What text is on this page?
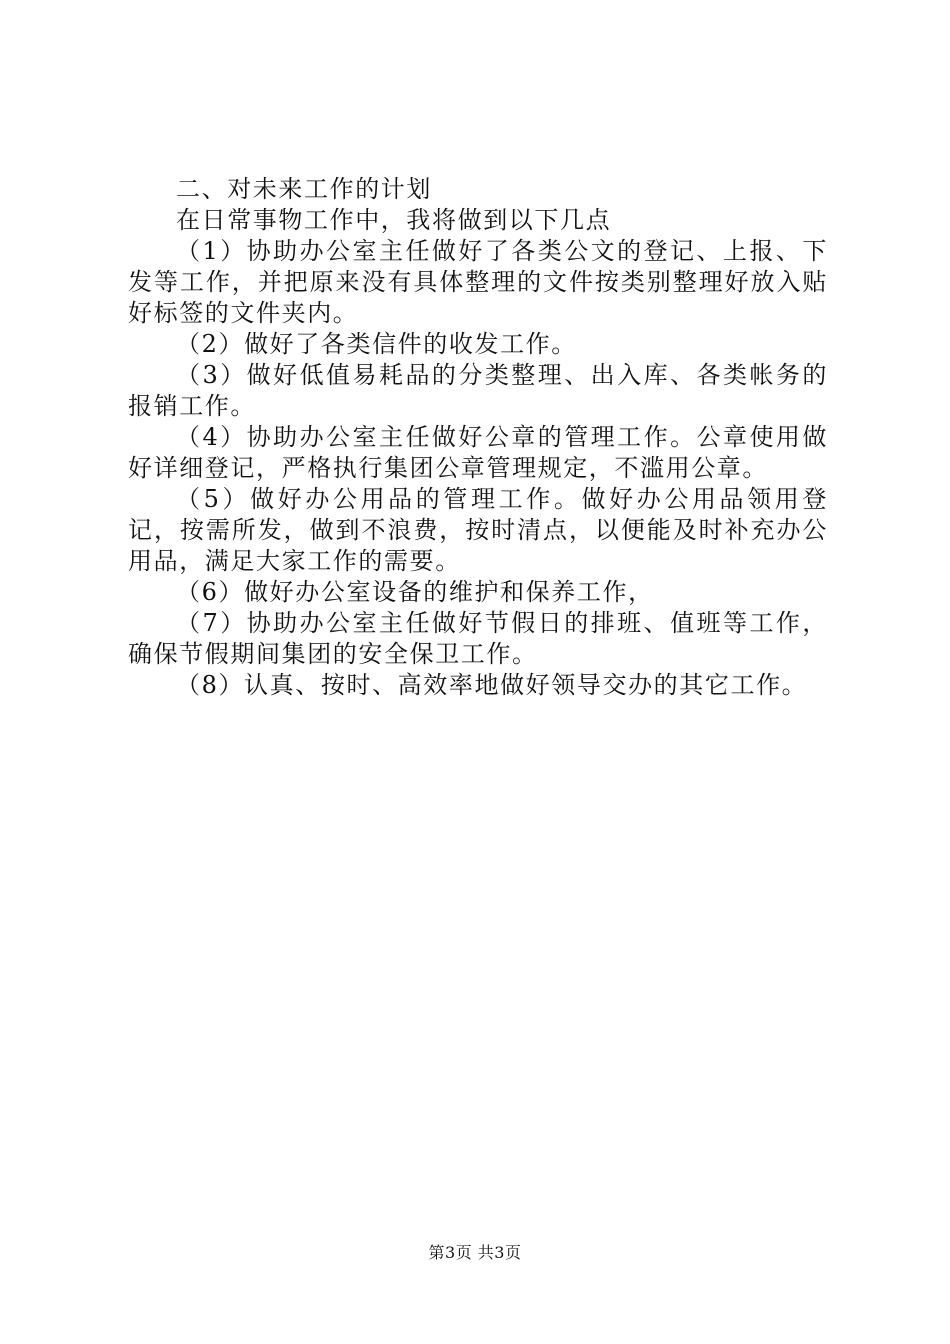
二、对未来工作的计划

在日常事物工作中，我将做到以下几点

（1）协助办公室主任做好了各类公文的登记、上报、下发等工作，并把原来没有具体整理的文件按类别整理好放入贴好标签的文件夹内。

（2）做好了各类信件的收发工作。

（3）做好低值易耗品的分类整理、出入库、各类帐务的报销工作。

（4）协助办公室主任做好公章的管理工作。公章使用做好详细登记，严格执行集团公章管理规定，不滥用公章。

（5）做好办公用品的管理工作。做好办公用品领用登记，按需所发，做到不浪费，按时清点，以便能及时补充办公用品，满足大家工作的需要。

（6）做好办公室设备的维护和保养工作，

（7）协助办公室主任做好节假日的排班、值班等工作，确保节假期间集团的安全保卫工作。

（8）认真、按时、高效率地做好领导交办的其它工作。

第3页 共3页
